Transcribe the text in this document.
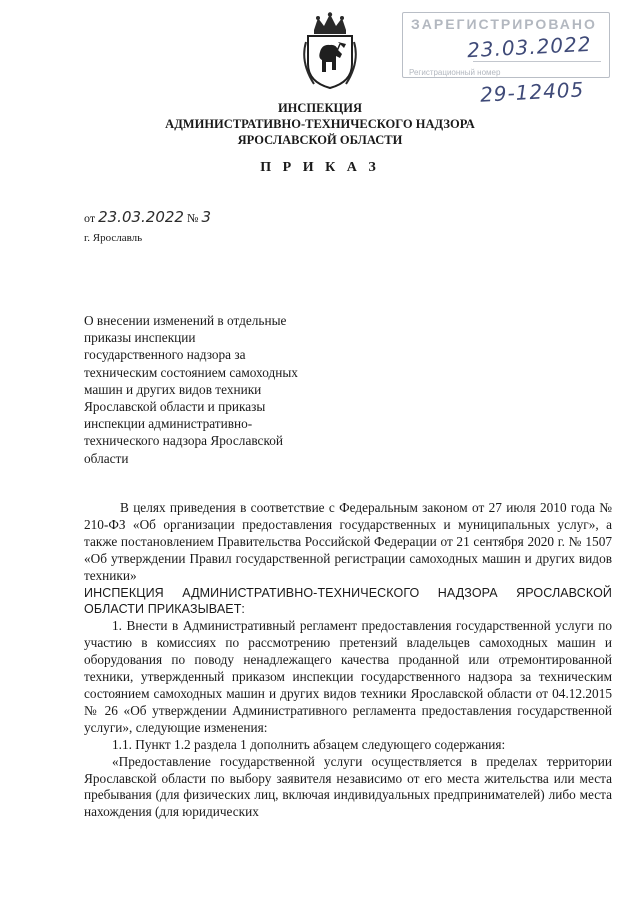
ЗАРЕГИСТРИРОВАНО
Регистрационный номер
23.03.2022
29-12405
ИНСПЕКЦИЯ
АДМИНИСТРАТИВНО-ТЕХНИЧЕСКОГО НАДЗОРА
ЯРОСЛАВСКОЙ ОБЛАСТИ
П Р И К А З
от 23.03.2022 № 3
г. Ярославль
О внесении изменений в отдельные
приказы инспекции
государственного надзора за
техническим состоянием самоходных
машин и других видов техники
Ярославской области и приказы
инспекции административно-
технического надзора Ярославской
области

В целях приведения в соответствие с Федеральным законом от 27 июля 2010 года № 210-ФЗ «Об организации предоставления государственных и муниципальных услуг», а также постановлением Правительства Российской Федерации от 21 сентября 2020 г. № 1507 «Об утверждении Правил государственной регистрации самоходных машин и других видов техники»

ИНСПЕКЦИЯ АДМИНИСТРАТИВНО-ТЕХНИЧЕСКОГО НАДЗОРА ЯРОСЛАВСКОЙ ОБЛАСТИ ПРИКАЗЫВАЕТ:

1. Внести в Административный регламент предоставления государственной услуги по участию в комиссиях по рассмотрению претензий владельцев самоходных машин и оборудования по поводу ненадлежащего качества проданной или отремонтированной техники, утвержденный приказом инспекции государственного надзора за техническим состоянием самоходных машин и других видов техники Ярославской области от 04.12.2015 № 26 «Об утверждении Административного регламента предоставления государственной услуги», следующие изменения:

1.1. Пункт 1.2 раздела 1 дополнить абзацем следующего содержания:

«Предоставление государственной услуги осуществляется в пределах территории Ярославской области по выбору заявителя независимо от его места жительства или места пребывания (для физических лиц, включая индивидуальных предпринимателей) либо места нахождения (для юридических
